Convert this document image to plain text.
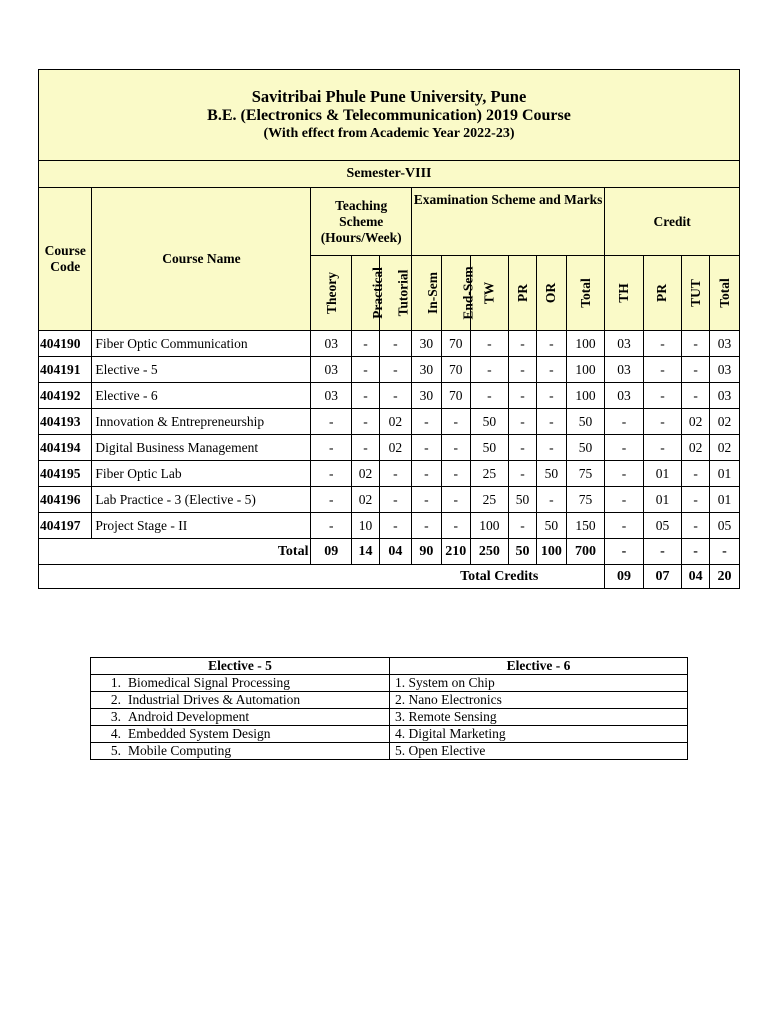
Savitribai Phule Pune University, Pune
B.E. (Electronics & Telecommunication) 2019 Course
(With effect from Academic Year 2022-23)														

Semester-VIII														
Course Code	Course Name	Teaching Scheme (Hours/Week)			Examination Scheme and Marks						Credit			
		Theory	Practical	Tutorial	In-Sem	End-Sem	TW	PR	OR	Total	TH	PR	TUT	Total
404190	Fiber Optic Communication	03	-	-	30	70	-	-	-	100	03	-	-	03
404191	Elective - 5	03	-	-	30	70	-	-	-	100	03	-	-	03
404192	Elective - 6	03	-	-	30	70	-	-	-	100	03	-	-	03
404193	Innovation & Entrepreneurship	-	-	02	-	-	50	-	-	50	-	-	02	02
404194	Digital Business Management	-	-	02	-	-	50	-	-	50	-	-	02	02
404195	Fiber Optic Lab	-	02	-	-	-	25	-	50	75	-	01	-	01
404196	Lab Practice - 3 (Elective - 5)	-	02	-	-	-	25	50	-	75	-	01	-	01
404197	Project Stage - II	-	10	-	-	-	100	-	50	150	-	05	-	05
Total		09	14	04	90	210	250	50	100	700	-	-	-	-
Total Credits											09	07	04	20
Elective - 5	Elective - 6
1. Biomedical Signal Processing	1. System on Chip
2. Industrial Drives & Automation	2. Nano Electronics
3. Android Development	3. Remote Sensing
4. Embedded System Design	4. Digital Marketing
5. Mobile Computing	5. Open Elective
